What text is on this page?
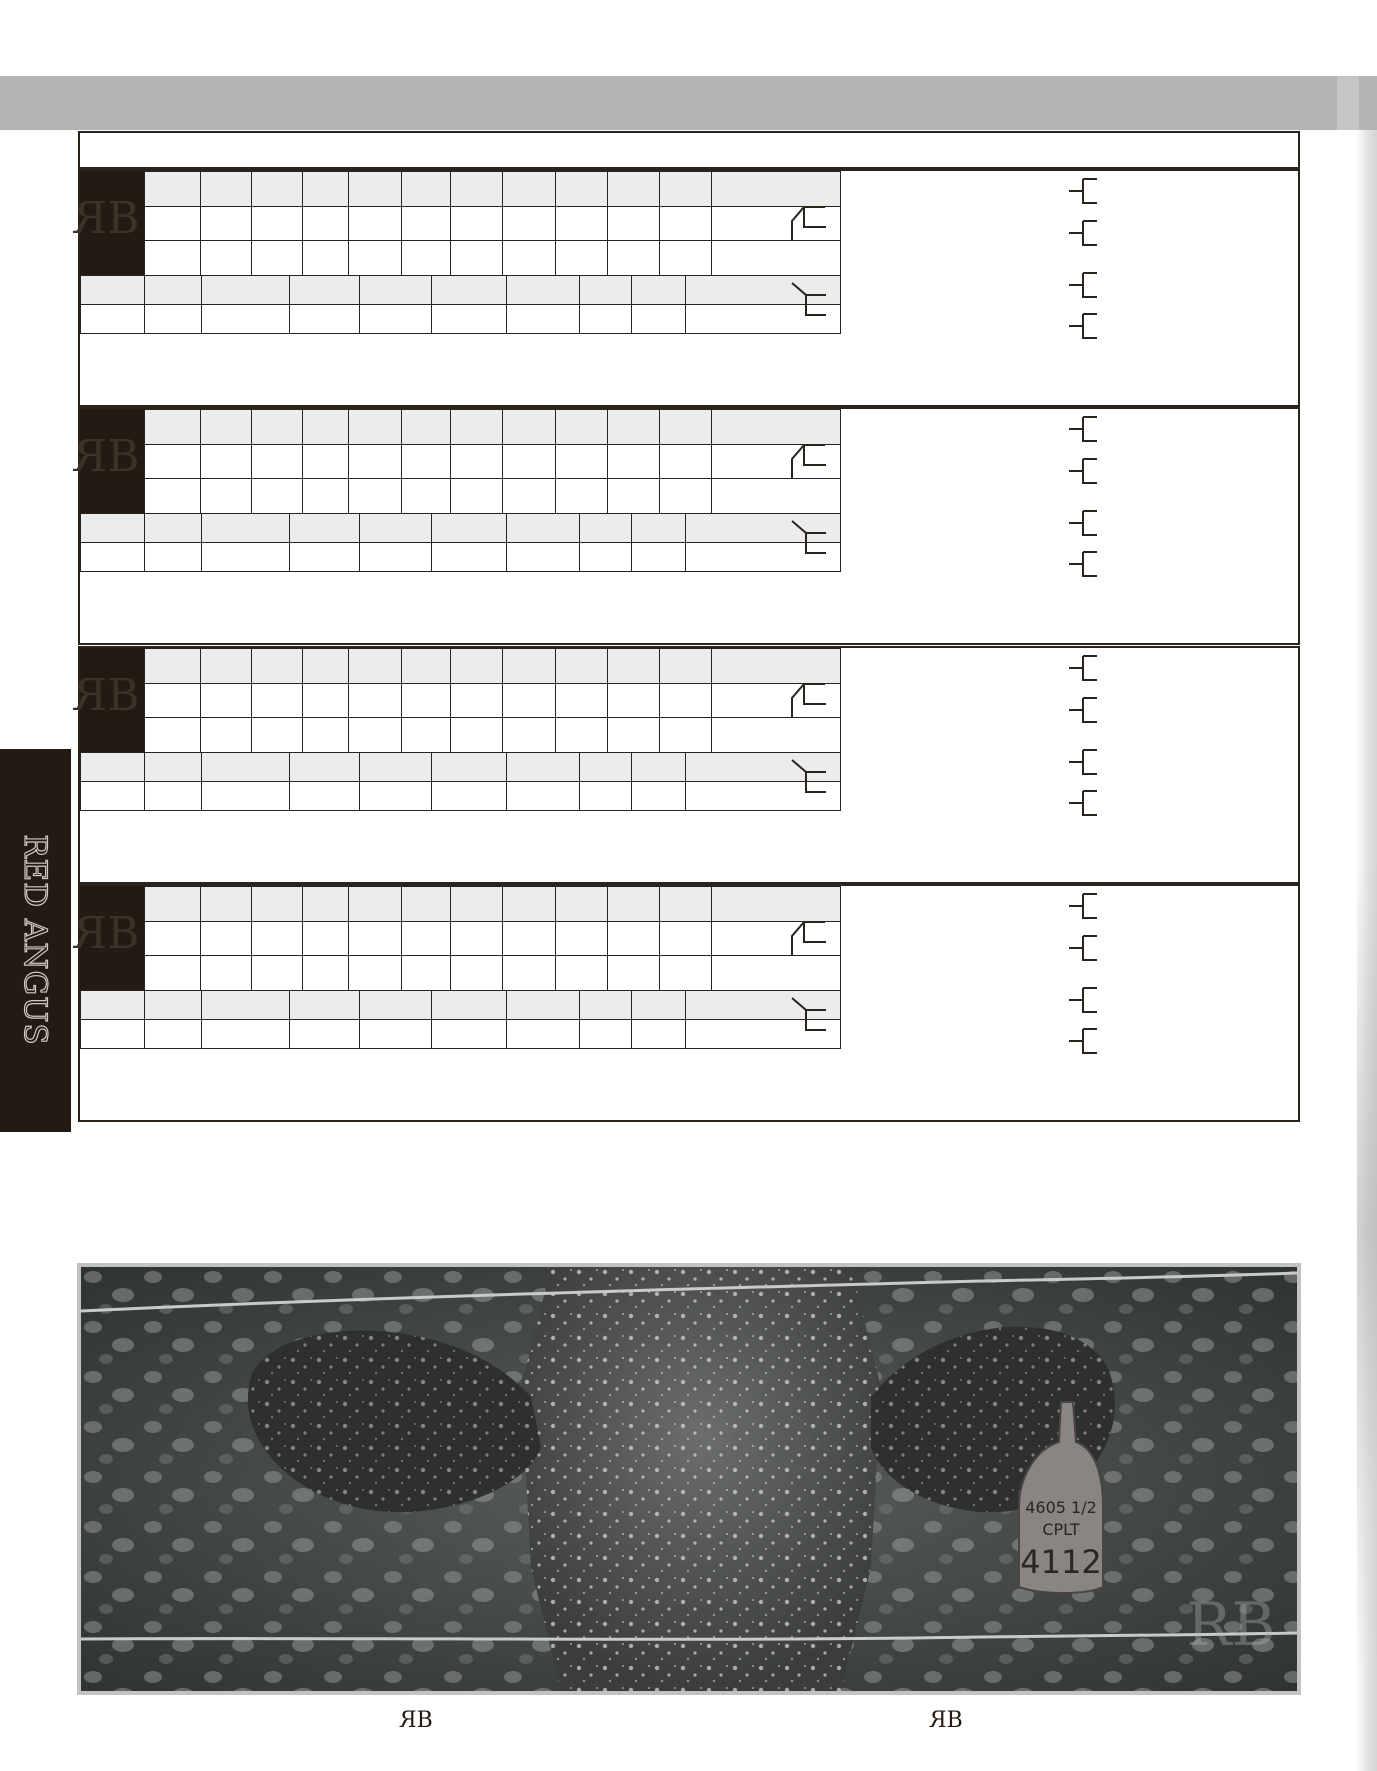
RED ANGUS
RB

RB

RB

RB

4605 1/2
CPLT
4112
RB
RB	RB
